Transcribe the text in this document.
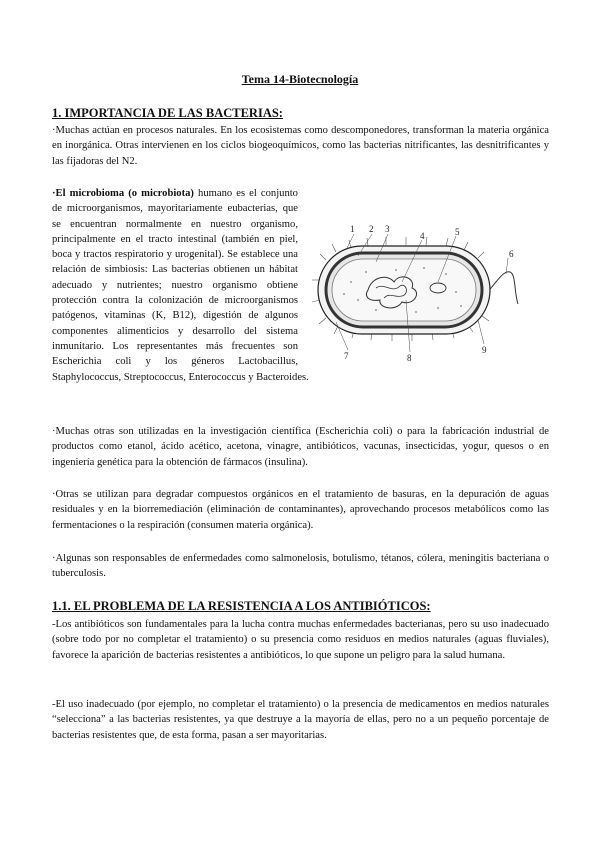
Tema 14-Biotecnología
1. IMPORTANCIA DE LAS BACTERIAS:
·Muchas actúan en procesos naturales. En los ecosistemas como descomponedores, transforman la materia orgánica en inorgánica. Otras intervienen en los ciclos biogeoquímicos, como las bacterias nitrificantes, las desnitrificantes y las fijadoras del N2.
·El microbioma (o microbiota) humano es el conjunto de microorganismos, mayoritariamente eubacterias, que se encuentran normalmente en nuestro organismo, principalmente en el tracto intestinal (también en piel, boca y tractos respiratorio y urogenital). Se establece una relación de simbiosis: Las bacterias obtienen un hábitat adecuado y nutrientes; nuestro organismo obtiene protección contra la colonización de microorganismos patógenos, vitaminas (K, B12), digestión de algunos componentes alimenticios y desarrollo del sistema inmunitario. Los representantes más frecuentes son Escherichia coli y los géneros Lactobacillus, Staphylococcus, Streptococcus, Enterococcus y Bacteroides.
1 2 3
4	5
6
7	8
9
·Muchas otras son utilizadas en la investigación científica (Escherichia coli) o para la fabricación industrial de productos como etanol, ácido acético, acetona, vinagre, antibióticos, vacunas, insecticidas, yogur, quesos o en ingeniería genética para la obtención de fármacos (insulina).
·Otras se utilizan para degradar compuestos orgánicos en el tratamiento de basuras, en la depuración de aguas residuales y en la biorremediación (eliminación de contaminantes), aprovechando procesos metabólicos como las fermentaciones o la respiración (consumen materia orgánica).
·Algunas son responsables de enfermedades como salmonelosis, botulismo, tétanos, cólera, meningitis bacteriana o tuberculosis.
1.1. EL PROBLEMA DE LA RESISTENCIA A LOS ANTIBIÓTICOS:
-Los antibióticos son fundamentales para la lucha contra muchas enfermedades bacterianas, pero su uso inadecuado (sobre todo por no completar el tratamiento) o su presencia como residuos en medios naturales (aguas fluviales), favorece la aparición de bacterias resistentes a antibióticos, lo que supone un peligro para la salud humana.
-El uso inadecuado (por ejemplo, no completar el tratamiento) o la presencia de medicamentos en medios naturales “selecciona” a las bacterias resistentes, ya que destruye a la mayoría de ellas, pero no a un pequeño porcentaje de bacterias resistentes que, de esta forma, pasan a ser mayoritarias.
